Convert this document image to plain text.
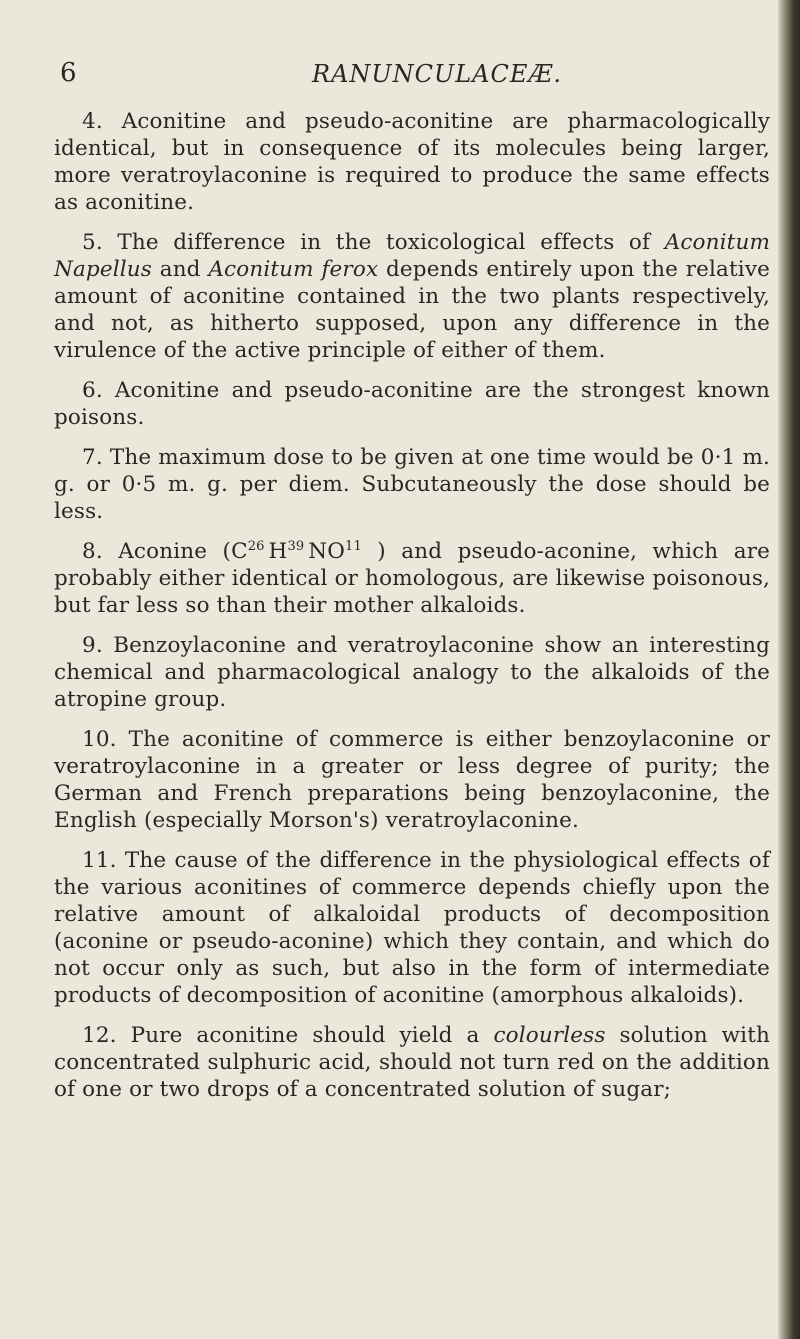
6	RANUNCULACEÆ.

4. Aconitine and pseudo-aconitine are pharmacologically identical, but in consequence of its molecules being larger, more veratroylaconine is required to produce the same effects as aconitine.

5. The difference in the toxicological effects of Aconitum Napellus and Aconitum ferox depends entirely upon the relative amount of aconitine contained in the two plants respectively, and not, as hitherto supposed, upon any difference in the virulence of the active principle of either of them.

6. Aconitine and pseudo-aconitine are the strongest known poisons.

7. The maximum dose to be given at one time would be 0·1 m. g. or 0·5 m. g. per diem. Subcutaneously the dose should be less.

8. Aconine ($C^{26}$ $H^{39}$ NO$^{11}$ ) and pseudo-aconine, which are probably either identical or homologous, are likewise poisonous, but far less so than their mother alkaloids.

9. Benzoylaconine and veratroylaconine show an interesting chemical and pharmacological analogy to the alkaloids of the atropine group.

10. The aconitine of commerce is either benzoylaconine or veratroylaconine in a greater or less degree of purity; the German and French preparations being benzoylaconine, the English (especially Morson's) veratroylaconine.

11. The cause of the difference in the physiological effects of the various aconitines of commerce depends chiefly upon the relative amount of alkaloidal products of decomposition (aconine or pseudo-aconine) which they contain, and which do not occur only as such, but also in the form of intermediate products of decomposition of aconitine (amorphous alkaloids).

12. Pure aconitine should yield a colourless solution with concentrated sulphuric acid, should not turn red on the addition of one or two drops of a concentrated solution of sugar;
